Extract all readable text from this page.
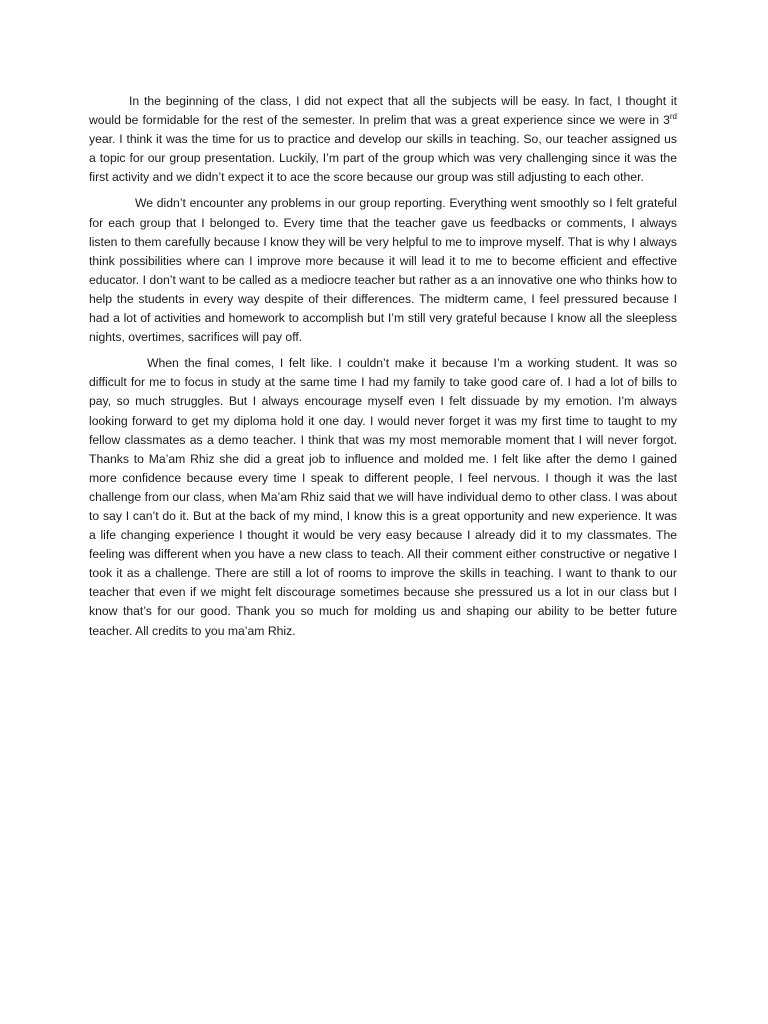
In the beginning of the class, I did not expect that all the subjects will be easy. In fact, I thought it would be formidable for the rest of the semester. In prelim that was a great experience since we were in 3rd year. I think it was the time for us to practice and develop our skills in teaching. So, our teacher assigned us a topic for our group presentation. Luckily, I’m part of the group which was very challenging since it was the first activity and we didn’t expect it to ace the score because our group was still adjusting to each other.

We didn’t encounter any problems in our group reporting. Everything went smoothly so I felt grateful for each group that I belonged to. Every time that the teacher gave us feedbacks or comments, I always listen to them carefully because I know they will be very helpful to me to improve myself. That is why I always think possibilities where can I improve more because it will lead it to me to become efficient and effective educator. I don’t want to be called as a mediocre teacher but rather as a an innovative one who thinks how to help the students in every way despite of their differences. The midterm came, I feel pressured because I had a lot of activities and homework to accomplish but I’m still very grateful because I know all the sleepless nights, overtimes, sacrifices will pay off.

When the final comes, I felt like. I couldn’t make it because I’m a working student. It was so difficult for me to focus in study at the same time I had my family to take good care of. I had a lot of bills to pay, so much struggles. But I always encourage myself even I felt dissuade by my emotion. I’m always looking forward to get my diploma hold it one day. I would never forget it was my first time to taught to my fellow classmates as a demo teacher. I think that was my most memorable moment that I will never forgot. Thanks to Ma’am Rhiz she did a great job to influence and molded me. I felt like after the demo I gained more confidence because every time I speak to different people, I feel nervous. I though it was the last challenge from our class, when Ma’am Rhiz said that we will have individual demo to other class. I was about to say I can’t do it. But at the back of my mind, I know this is a great opportunity and new experience. It was a life changing experience I thought it would be very easy because I already did it to my classmates. The feeling was different when you have a new class to teach. All their comment either constructive or negative I took it as a challenge. There are still a lot of rooms to improve the skills in teaching. I want to thank to our teacher that even if we might felt discourage sometimes because she pressured us a lot in our class but I know that’s for our good. Thank you so much for molding us and shaping our ability to be better future teacher. All credits to you ma’am Rhiz.
